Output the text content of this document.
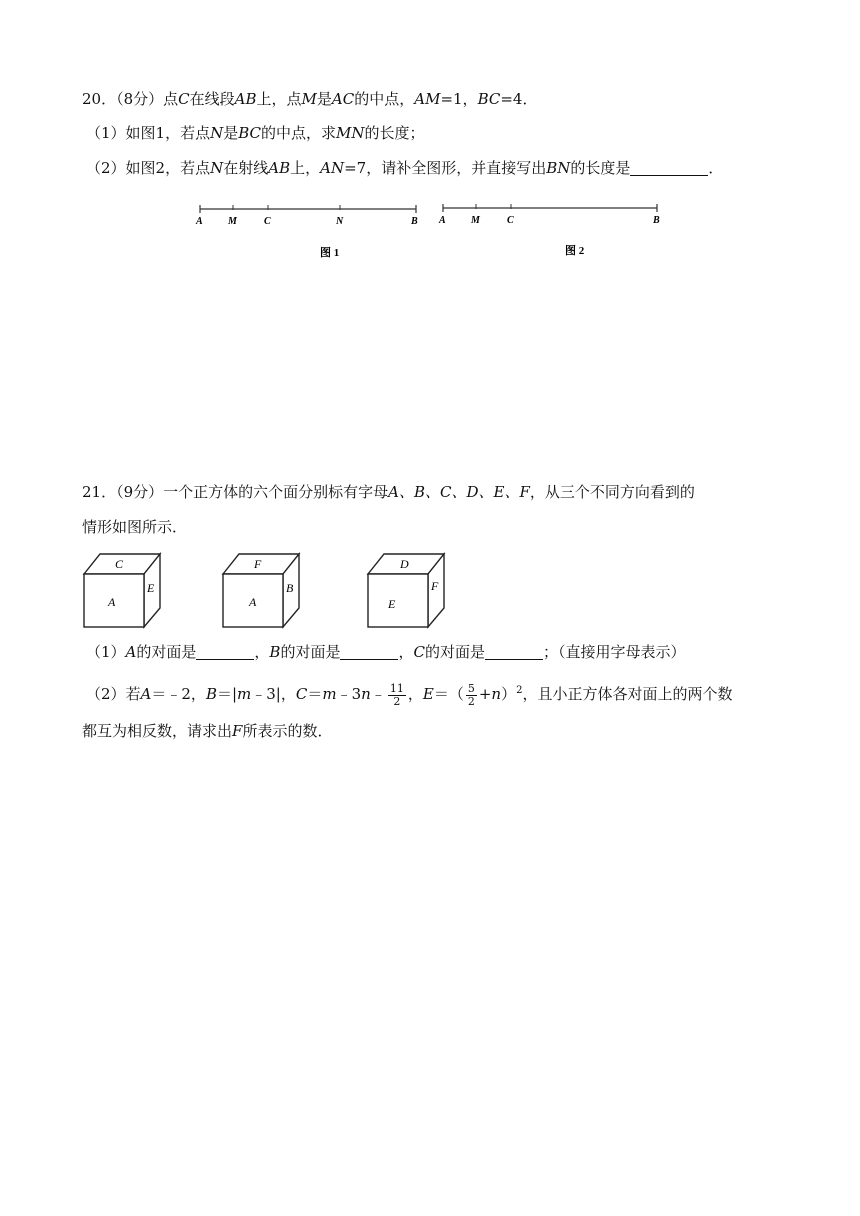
20．（8分）点C在线段AB上，点M是AC的中点，AM=1，BC=4．
（1）如图1，若点N是BC的中点，求MN的长度；
（2）如图2，若点N在射线AB上，AN=7，请补全图形，并直接写出BN的长度是	．
A	M	C	N	B
图 1
A	M	C	B
图 2
21．（9分）一个正方体的六个面分别标有字母A、B、C、D、E、F，从三个不同方向看到的
情形如图所示．
C
E
A
F
B
A
D
F
E
（1）A的对面是	，B的对面是	，C的对面是	；（直接用字母表示）
（2）若A＝﹣2，B＝|m﹣3|，C＝m﹣3n﹣ $\frac{11}{2}$ ，$E=( \frac{5}{2} +n)^2$，且小正方体各对面上的两个数
都互为相反数，请求出F所表示的数．
